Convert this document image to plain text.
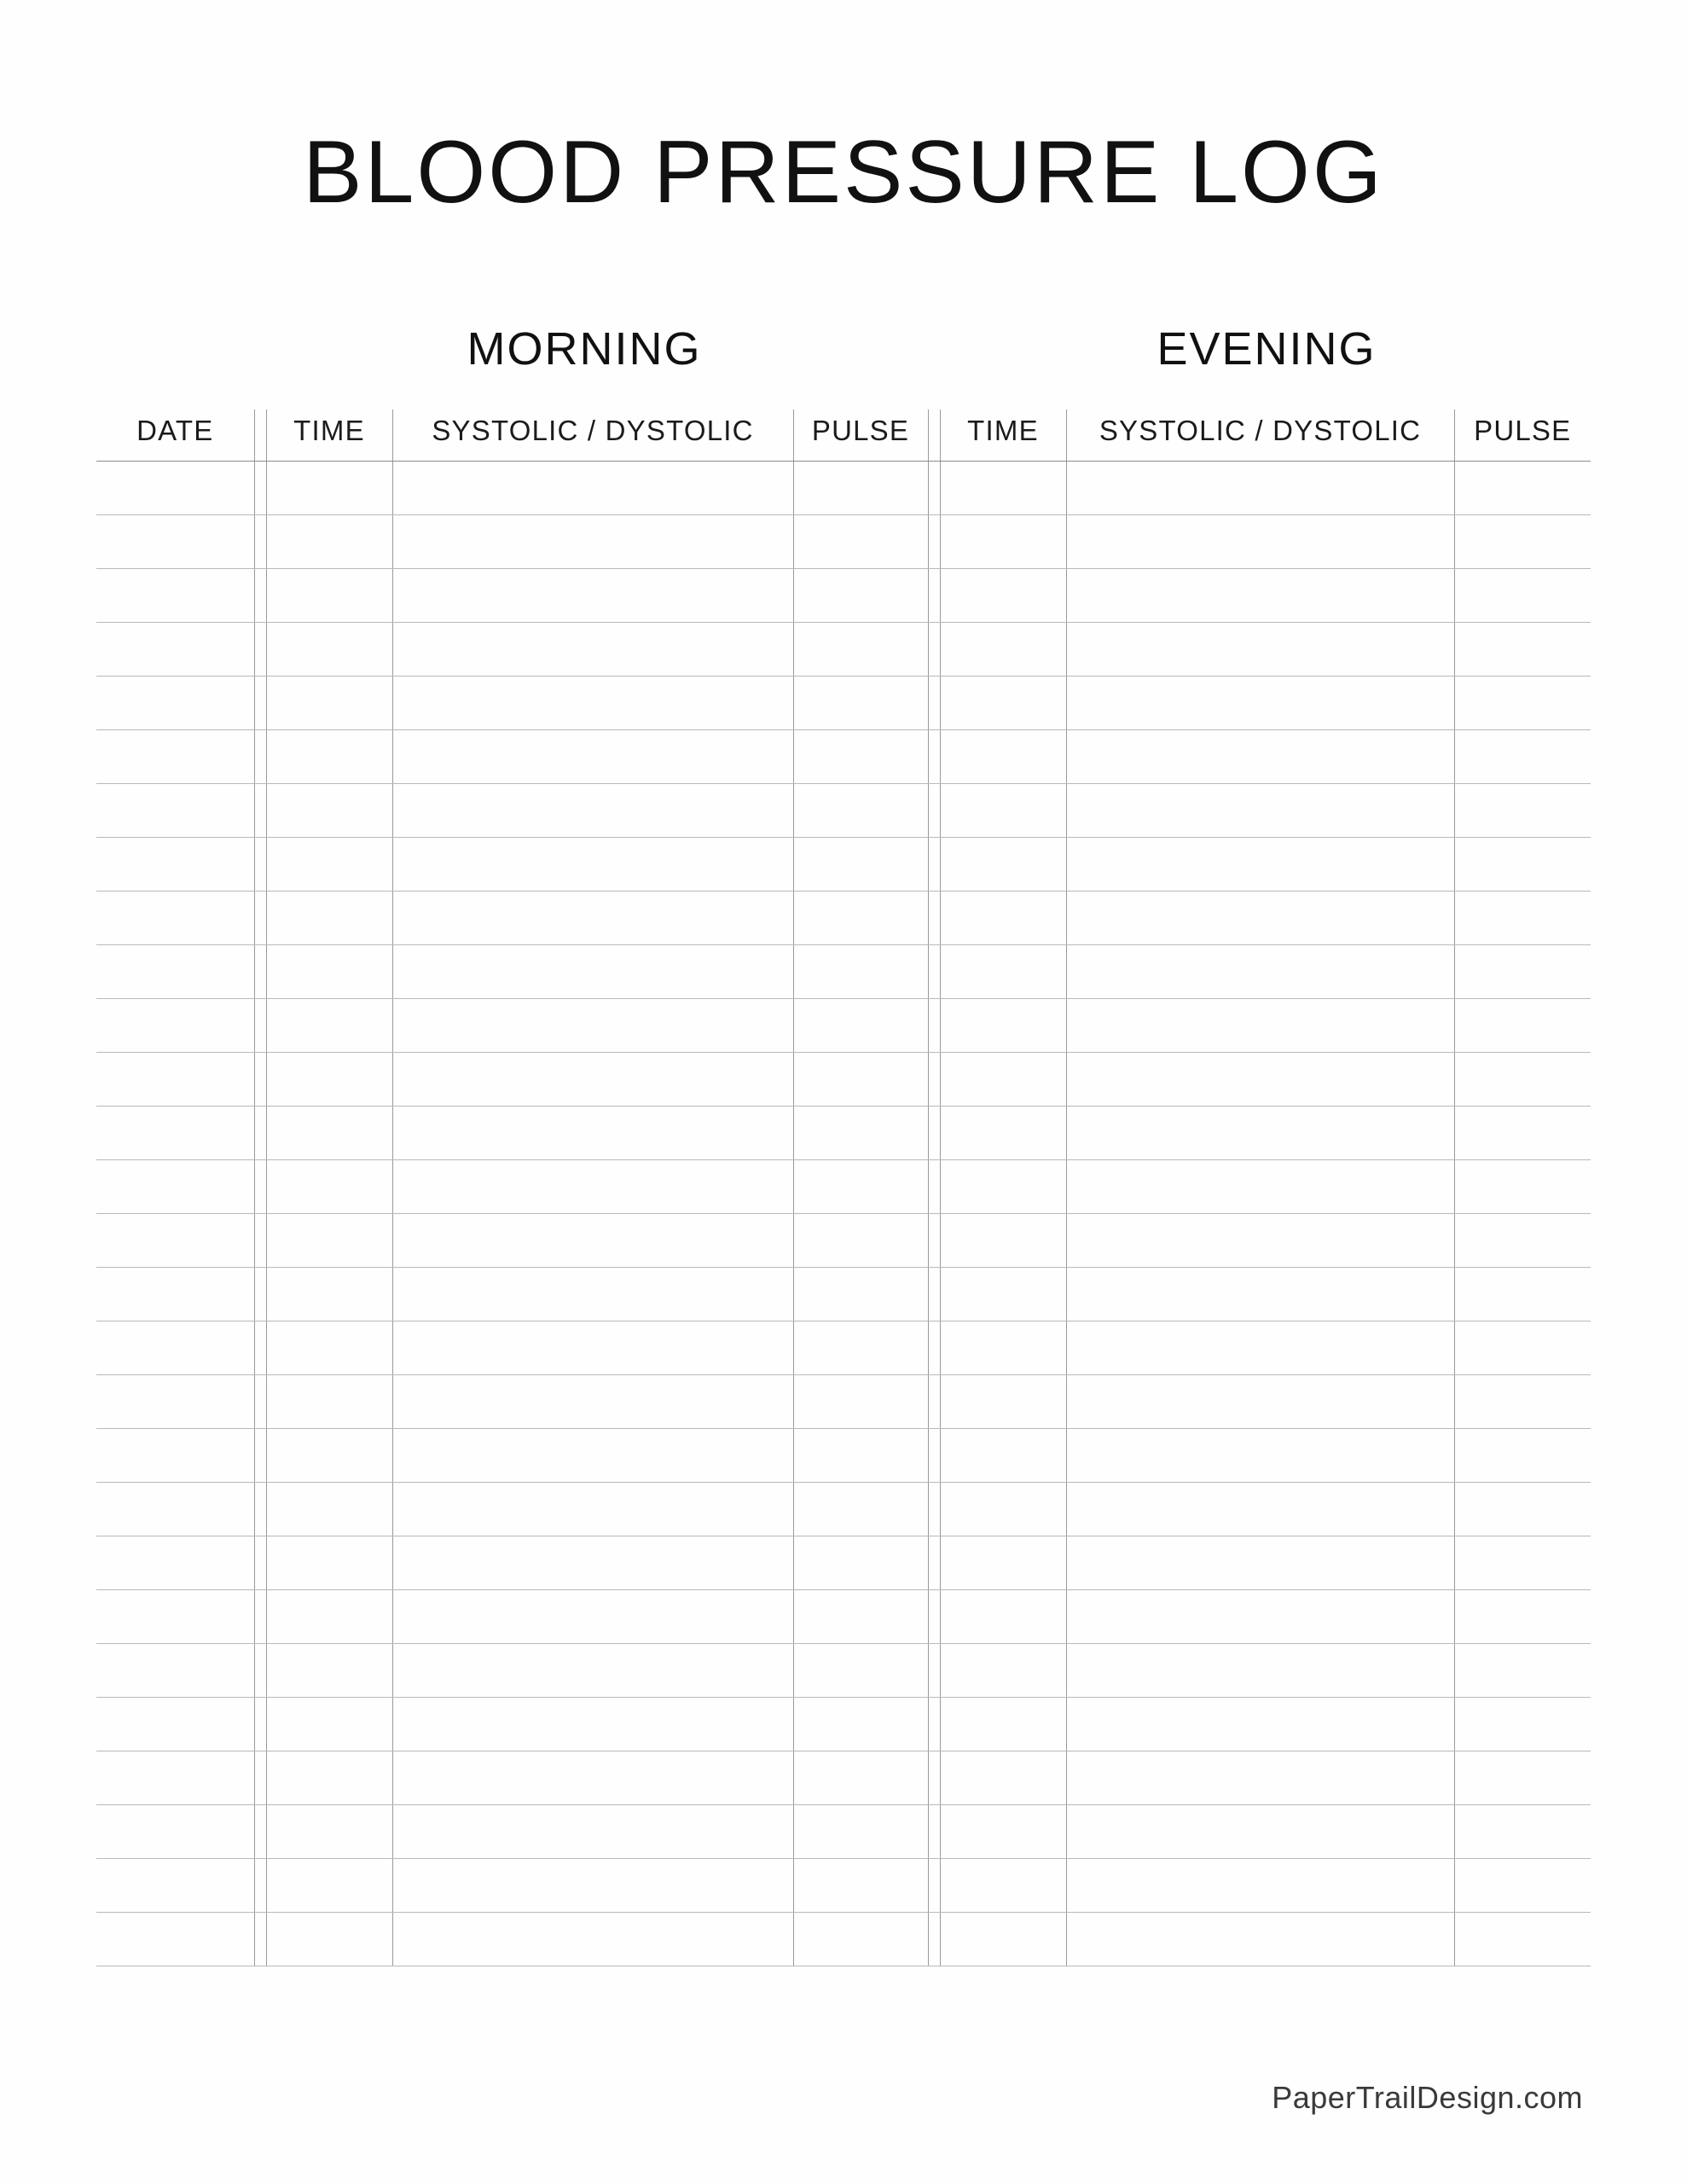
BLOOD PRESSURE LOG
MORNING	EVENING
DATE		TIME	SYSTOLIC / DYSTOLIC	PULSE		TIME	SYSTOLIC / DYSTOLIC	PULSE

PaperTrailDesign.com
